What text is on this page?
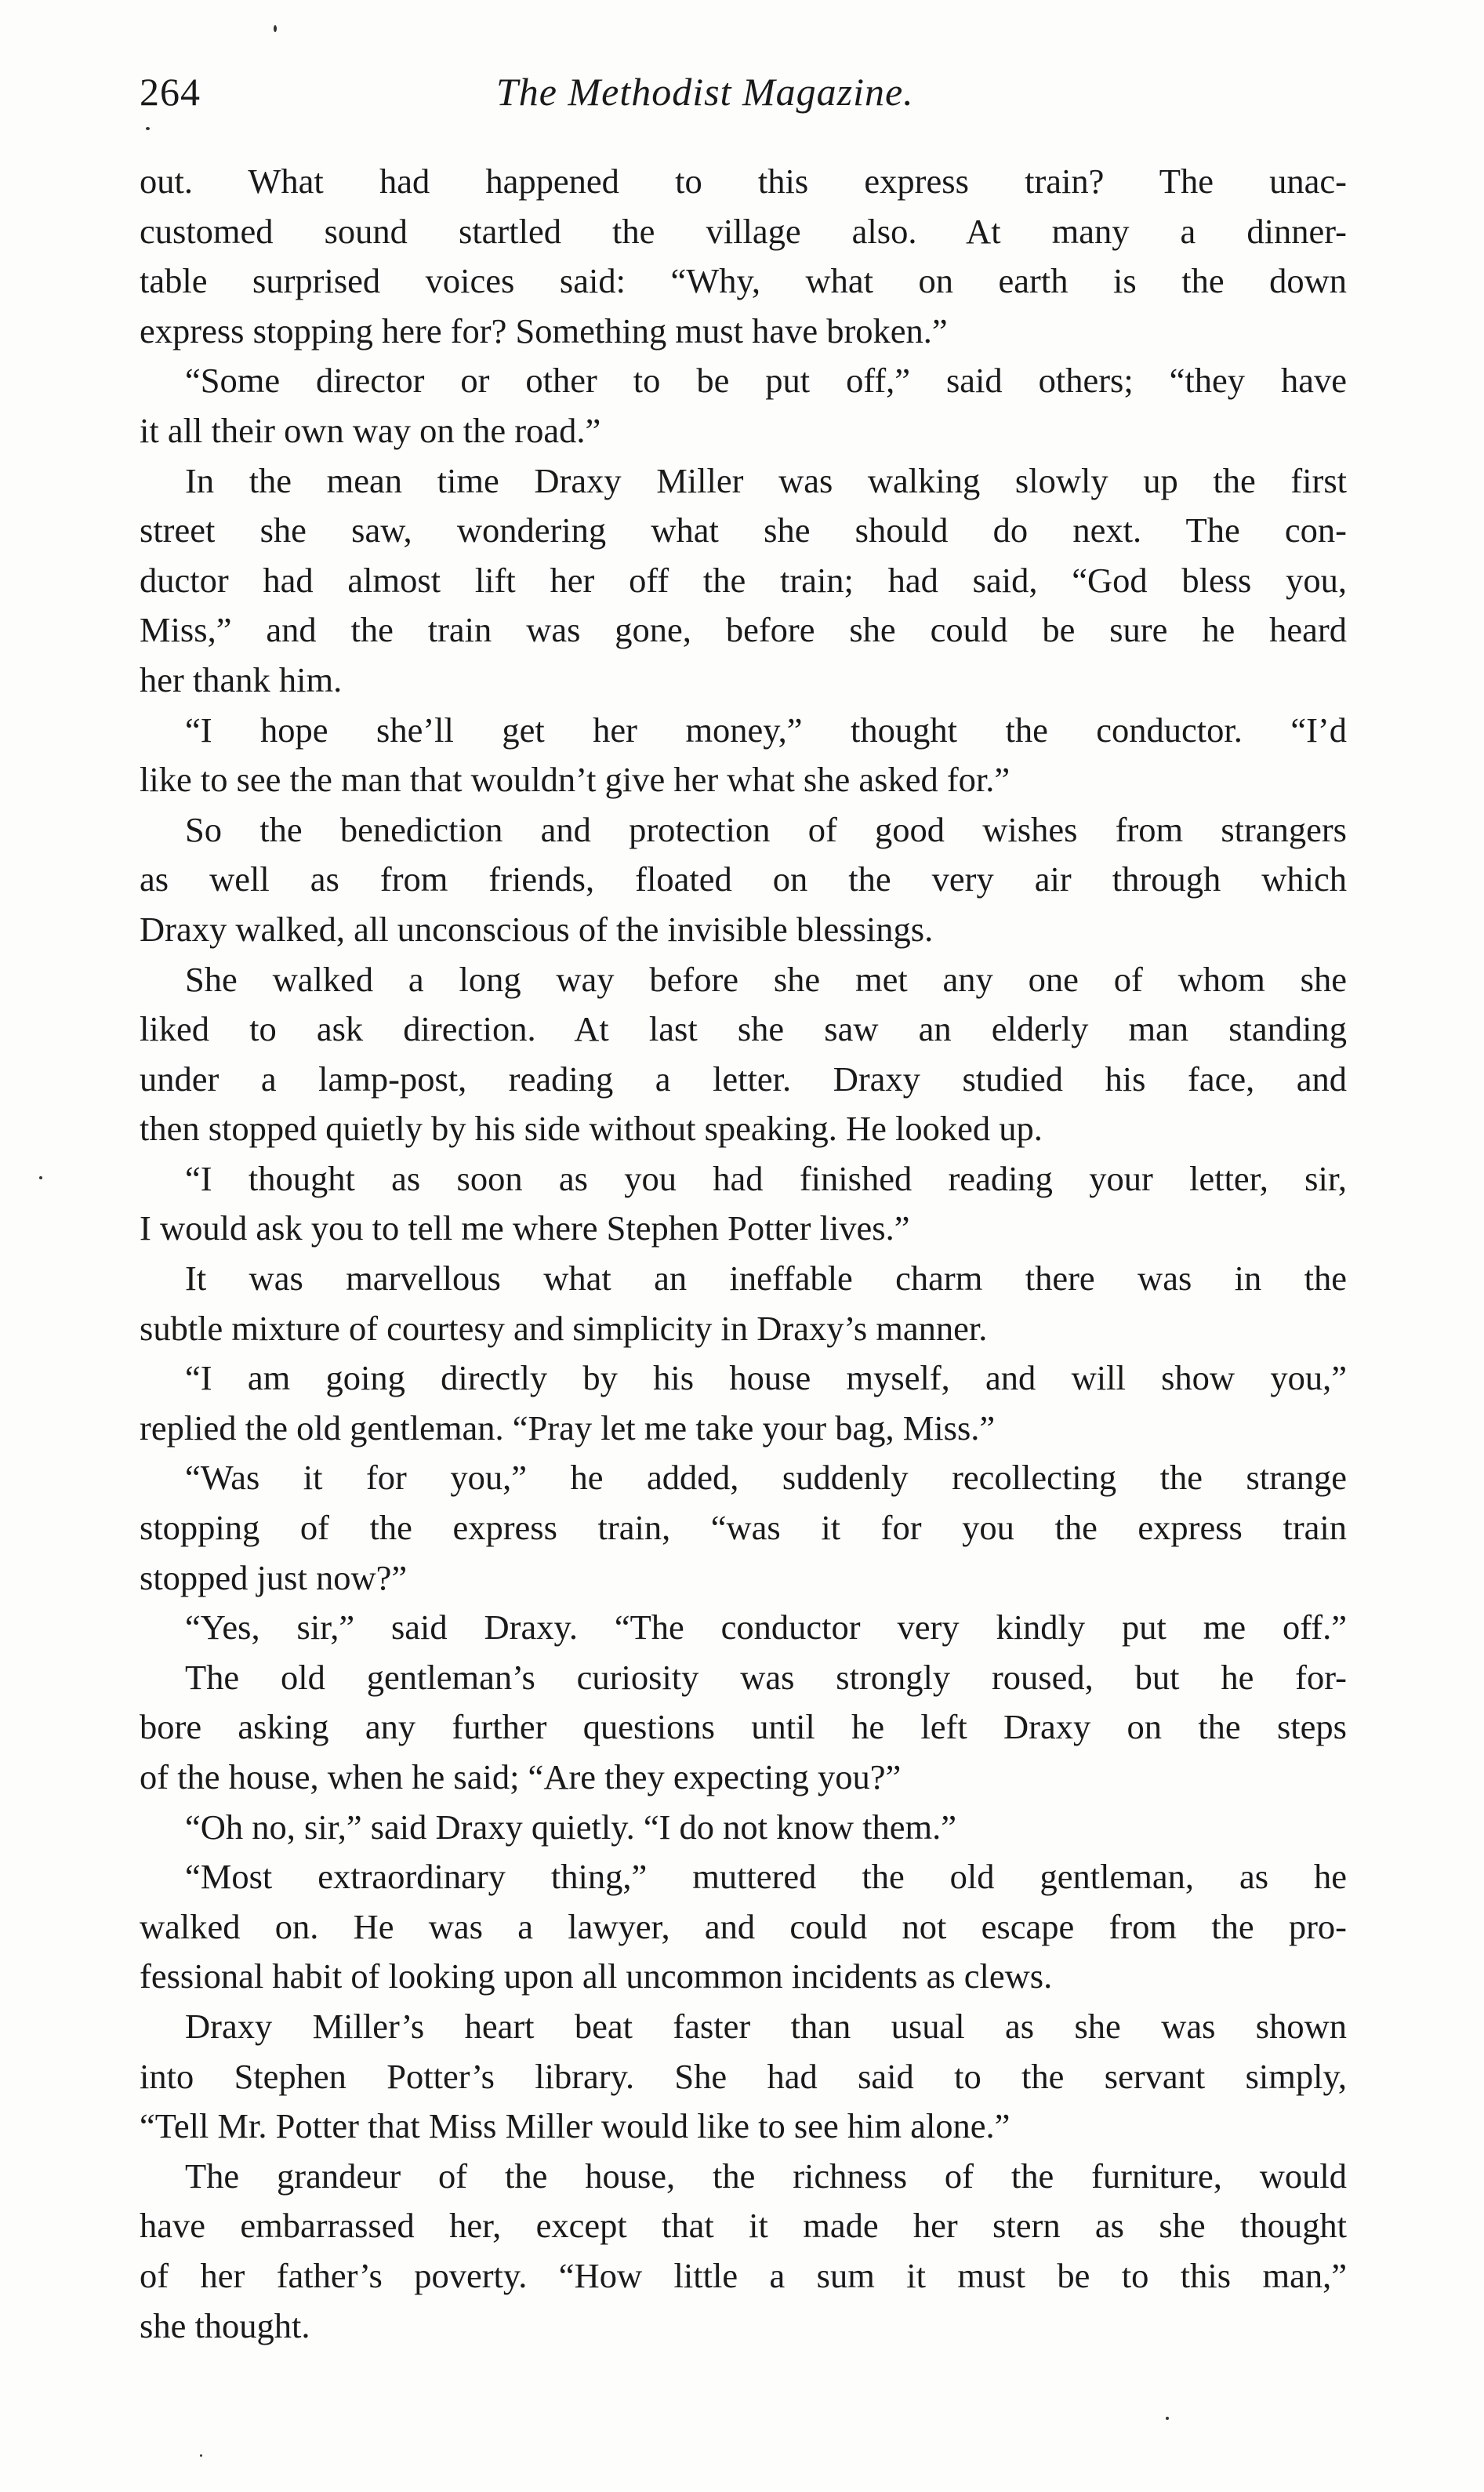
264	The Methodist Magazine.
out. What had happened to this express train? The unac-
customed sound startled the village also. At many a dinner-
table surprised voices said: “Why, what on earth is the down
express stopping here for? Something must have broken.”
“Some director or other to be put off,” said others; “they have
it all their own way on the road.”
In the mean time Draxy Miller was walking slowly up the first
street she saw, wondering what she should do next. The con-
ductor had almost lift her off the train; had said, “God bless you,
Miss,” and the train was gone, before she could be sure he heard
her thank him.
“I hope she’ll get her money,” thought the conductor. “I’d
like to see the man that wouldn’t give her what she asked for.”
So the benediction and protection of good wishes from strangers
as well as from friends, floated on the very air through which
Draxy walked, all unconscious of the invisible blessings.
She walked a long way before she met any one of whom she
liked to ask direction. At last she saw an elderly man standing
under a lamp-post, reading a letter. Draxy studied his face, and
then stopped quietly by his side without speaking. He looked up.
“I thought as soon as you had finished reading your letter, sir,
I would ask you to tell me where Stephen Potter lives.”
It was marvellous what an ineffable charm there was in the
subtle mixture of courtesy and simplicity in Draxy’s manner.
“I am going directly by his house myself, and will show you,”
replied the old gentleman. “Pray let me take your bag, Miss.”
“Was it for you,” he added, suddenly recollecting the strange
stopping of the express train, “was it for you the express train
stopped just now?”
“Yes, sir,” said Draxy. “The conductor very kindly put me off.”
The old gentleman’s curiosity was strongly roused, but he for-
bore asking any further questions until he left Draxy on the steps
of the house, when he said; “Are they expecting you?”
“Oh no, sir,” said Draxy quietly. “I do not know them.”
“Most extraordinary thing,” muttered the old gentleman, as he
walked on. He was a lawyer, and could not escape from the pro-
fessional habit of looking upon all uncommon incidents as clews.
Draxy Miller’s heart beat faster than usual as she was shown
into Stephen Potter’s library. She had said to the servant simply,
“Tell Mr. Potter that Miss Miller would like to see him alone.”
The grandeur of the house, the richness of the furniture, would
have embarrassed her, except that it made her stern as she thought
of her father’s poverty. “How little a sum it must be to this man,”
she thought.
